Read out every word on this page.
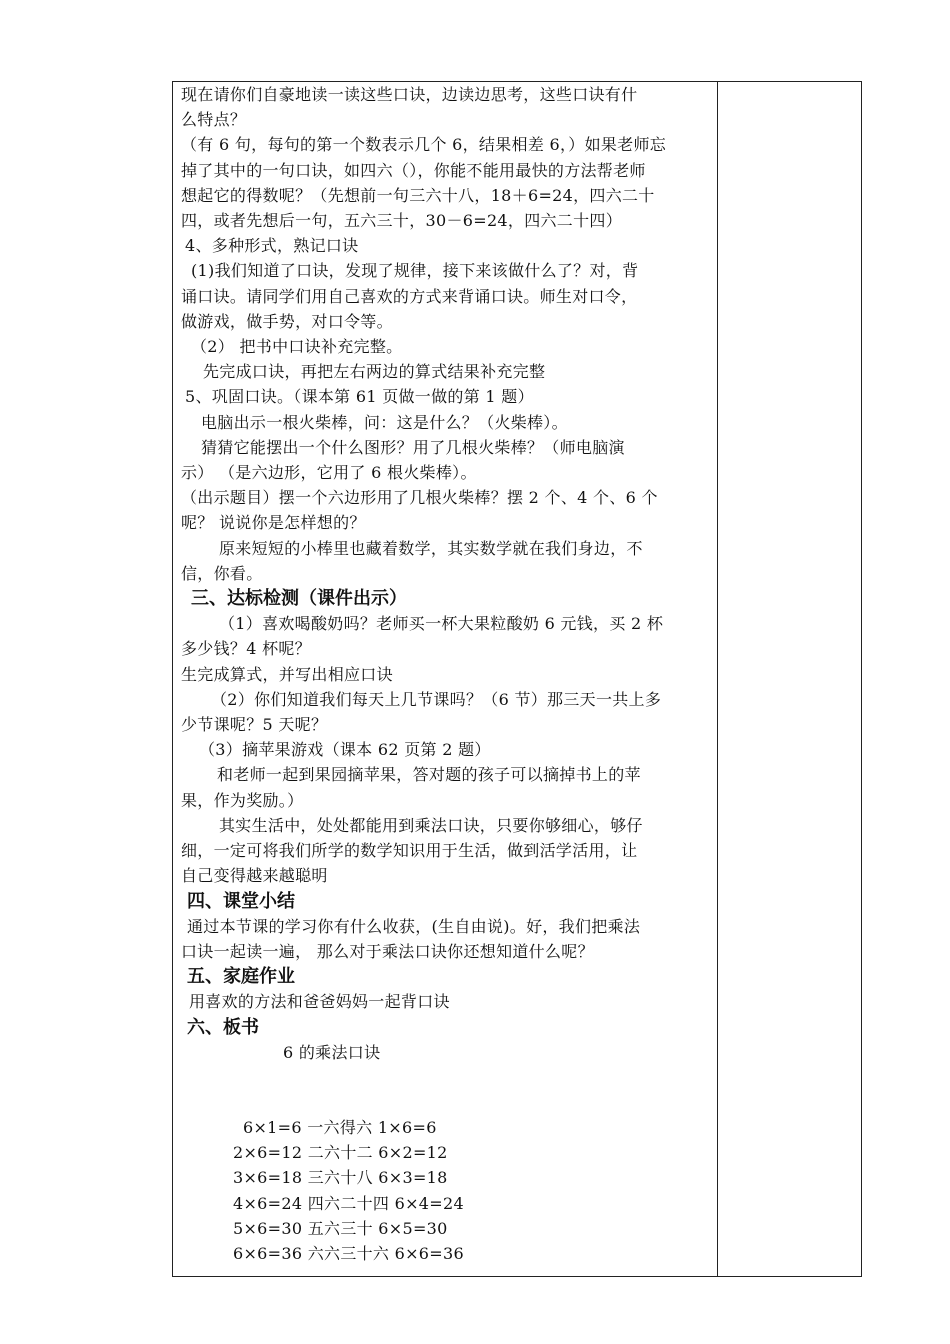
现在请你们自豪地读一读这些口诀，边读边思考，这些口诀有什
么特点？
（有 6 句，每句的第一个数表示几个 6，结果相差 6，）如果老师忘
掉了其中的一句口诀，如四六（），你能不能用最快的方法帮老师
想起它的得数呢？（先想前一句三六十八，18＋6=24，四六二十
四，或者先想后一句，五六三十，30－6=24，四六二十四）
4、多种形式，熟记口诀
(1)我们知道了口诀，发现了规律，接下来该做什么了？对，背
诵口诀。请同学们用自己喜欢的方式来背诵口诀。师生对口令，
做游戏，做手势，对口令等。
（2） 把书中口诀补充完整。
先完成口诀，再把左右两边的算式结果补充完整
5、巩固口诀。（课本第 61 页做一做的第 1 题）
电脑出示一根火柴棒，问：这是什么？（火柴棒）。
猜猜它能摆出一个什么图形？用了几根火柴棒？（师电脑演
示） （是六边形，它用了 6 根火柴棒）。
（出示题目）摆一个六边形用了几根火柴棒？摆 2 个、4 个、6 个
呢？ 说说你是怎样想的？
原来短短的小棒里也藏着数学，其实数学就在我们身边，不
信，你看。
三、达标检测（课件出示）
（1）喜欢喝酸奶吗？老师买一杯大果粒酸奶 6 元钱，买 2 杯
多少钱？4 杯呢？
生完成算式，并写出相应口诀
（2）你们知道我们每天上几节课吗？（6 节）那三天一共上多
少节课呢？5 天呢？
（3）摘苹果游戏（课本 62 页第 2 题）
和老师一起到果园摘苹果，答对题的孩子可以摘掉书上的苹
果，作为奖励。）
其实生活中，处处都能用到乘法口诀，只要你够细心，够仔
细，一定可将我们所学的数学知识用于生活，做到活学活用，让
自己变得越来越聪明
四、课堂小结
通过本节课的学习你有什么收获，(生自由说)。好，我们把乘法
口诀一起读一遍， 那么对于乘法口诀你还想知道什么呢？
五、家庭作业
用喜欢的方法和爸爸妈妈一起背口诀
六、板书
6 的乘法口诀
6×1=6 一六得六 1×6=6
2×6=12 二六十二 6×2=12
3×6=18 三六十八 6×3=18
4×6=24 四六二十四 6×4=24
5×6=30 五六三十 6×5=30
6×6=36 六六三十六 6×6=36
